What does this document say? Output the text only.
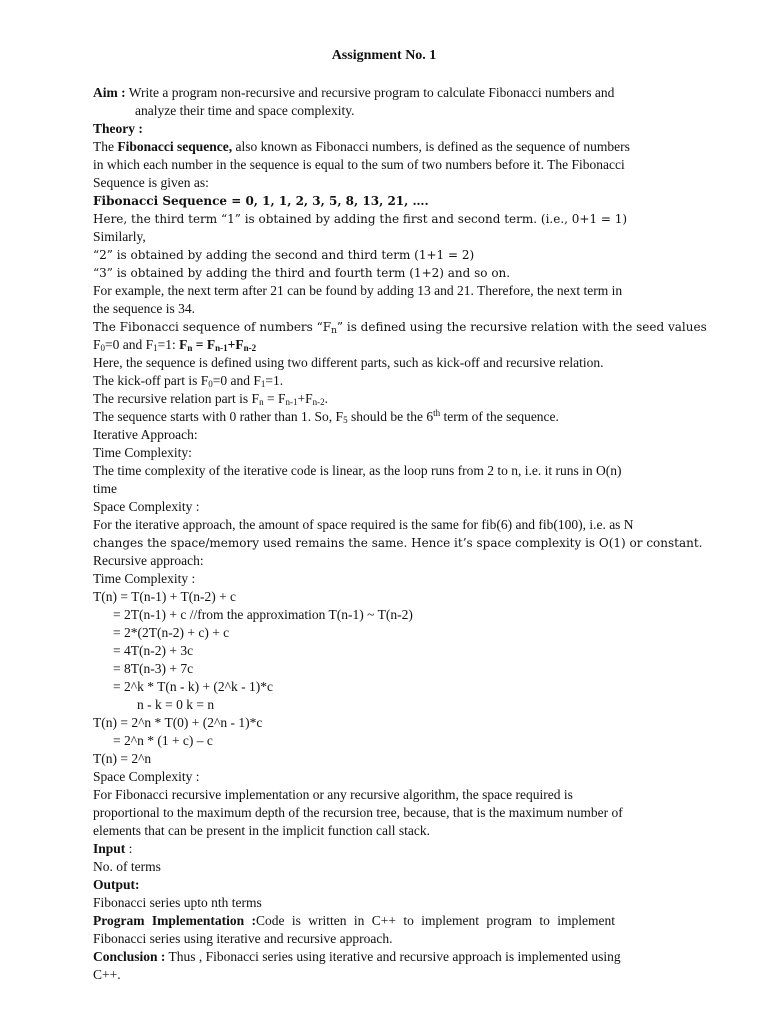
Assignment No. 1
Aim : Write a program non-recursive and recursive program to calculate Fibonacci numbers and
analyze their time and space complexity.
Theory :
The Fibonacci sequence, also known as Fibonacci numbers, is defined as the sequence of numbers
in which each number in the sequence is equal to the sum of two numbers before it. The Fibonacci
Sequence is given as:
Fibonacci Sequence = 0, 1, 1, 2, 3, 5, 8, 13, 21, ….
Here, the third term “1” is obtained by adding the first and second term. (i.e., 0+1 = 1)
Similarly,
“2” is obtained by adding the second and third term (1+1 = 2)
“3” is obtained by adding the third and fourth term (1+2) and so on.
For example, the next term after 21 can be found by adding 13 and 21. Therefore, the next term in
the sequence is 34.
The Fibonacci sequence of numbers “$F_n$” is defined using the recursive relation with the seed values
$F_0=0$ and $F_1=1$: $F_n = F_{n-1}+F_{n-2}$
Here, the sequence is defined using two different parts, such as kick-off and recursive relation.
The kick-off part is $F_0=0$ and $F_1=1$.
The recursive relation part is $F_n = F_{n-1}+F_{n-2}$.
The sequence starts with 0 rather than 1. So, $F_5$ should be the 6th term of the sequence.
Iterative Approach:
Time Complexity:
The time complexity of the iterative code is linear, as the loop runs from 2 to n, i.e. it runs in O(n)
time
Space Complexity :
For the iterative approach, the amount of space required is the same for fib(6) and fib(100), i.e. as N
changes the space/memory used remains the same. Hence it’s space complexity is O(1) or constant.
Recursive approach:
Time Complexity :
T(n) = T(n-1) + T(n-2) + c
= 2T(n-1) + c //from the approximation T(n-1) ~ T(n-2)
= 2*(2T(n-2) + c) + c
= 4T(n-2) + 3c
= 8T(n-3) + 7c
= 2^k * T(n - k) + (2^k - 1)*c
n - k = 0 k = n
T(n) = 2^n * T(0) + (2^n - 1)*c
= 2^n * (1 + c) – c
T(n) = 2^n
Space Complexity :
For Fibonacci recursive implementation or any recursive algorithm, the space required is
proportional to the maximum depth of the recursion tree, because, that is the maximum number of
elements that can be present in the implicit function call stack.
Input :
No. of terms
Output:
Fibonacci series upto nth terms
Program Implementation :Code is written in C++ to implement program to implement
Fibonacci series using iterative and recursive approach.
Conclusion : Thus , Fibonacci series using iterative and recursive approach is implemented using
C++.
